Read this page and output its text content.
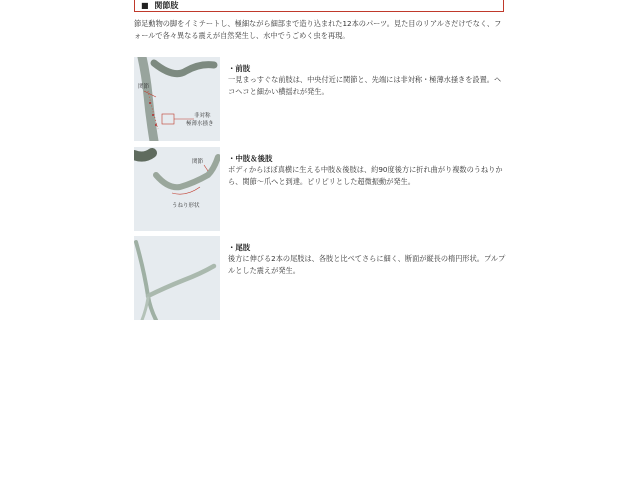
■ 関節肢
節足動物の脚をイミテートし、極細ながら細部まで造り込まれた12本のパーツ。見た目のリアルさだけでなく、フォールで各々異なる震えが自然発生し、水中でうごめく虫を再現。
関節
非対称
極薄水掻き
・前肢
一見まっすぐな前肢は、中央付近に関節と、先端には非対称・極薄水掻きを設置。ヘコヘコと細かい横揺れが発生。
関節
うねり形状
・中肢＆後肢
ボディからほぼ真横に生える中肢＆後肢は、約90度後方に折れ曲がり複数のうねりから、関節〜爪へと到達。ピリピリとした超微振動が発生。
・尾肢
後方に伸びる2本の尾肢は、各肢と比べてさらに細く、断面が縦長の楕円形状。プルプルとした震えが発生。
